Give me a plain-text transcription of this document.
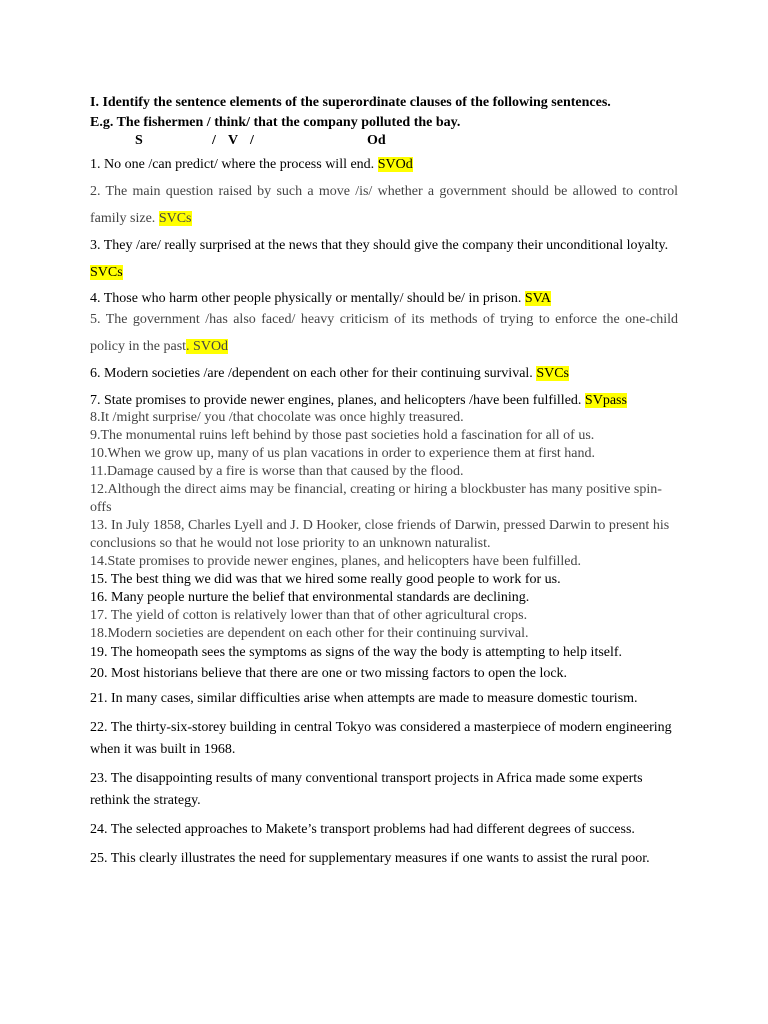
I. Identify the sentence elements of the superordinate clauses of the following sentences.

E.g. The fishermen / think/ that the company polluted the bay.

S	/ V /	Od

1. No one /can predict/ where the process will end. SVOd

2. The main question raised by such a move /is/ whether a government should be allowed to control family size. SVCs

3. They /are/ really surprised at the news that they should give the company their unconditional loyalty. SVCs

4. Those who harm other people physically or mentally/ should be/ in prison. SVA

5. The government /has also faced/ heavy criticism of its methods of trying to enforce the one-child policy in the past. SVOd

6. Modern societies /are /dependent on each other for their continuing survival. SVCs

7. State promises to provide newer engines, planes, and helicopters /have been fulfilled. SVpass

8.It /might surprise/ you /that chocolate was once highly treasured.

9.The monumental ruins left behind by those past societies hold a fascination for all of us.

10.When we grow up, many of us plan vacations in order to experience them at first hand.

11.Damage caused by a fire is worse than that caused by the flood.

12.Although the direct aims may be financial, creating or hiring a blockbuster has many positive spin-offs

13. In July 1858, Charles Lyell and J. D Hooker, close friends of Darwin, pressed Darwin to present his conclusions so that he would not lose priority to an unknown naturalist.

14.State promises to provide newer engines, planes, and helicopters have been fulfilled.

15. The best thing we did was that we hired some really good people to work for us.

16. Many people nurture the belief that environmental standards are declining.

17. The yield of cotton is relatively lower than that of other agricultural crops.

18.Modern societies are dependent on each other for their continuing survival.

19. The homeopath sees the symptoms as signs of the way the body is attempting to help itself.

20. Most historians believe that there are one or two missing factors to open the lock.

21. In many cases, similar difficulties arise when attempts are made to measure domestic tourism.

22. The thirty-six-storey building in central Tokyo was considered a masterpiece of modern engineering when it was built in 1968.

23. The disappointing results of many conventional transport projects in Africa made some experts rethink the strategy.

24. The selected approaches to Makete’s transport problems had had different degrees of success.

25. This clearly illustrates the need for supplementary measures if one wants to assist the rural poor.
